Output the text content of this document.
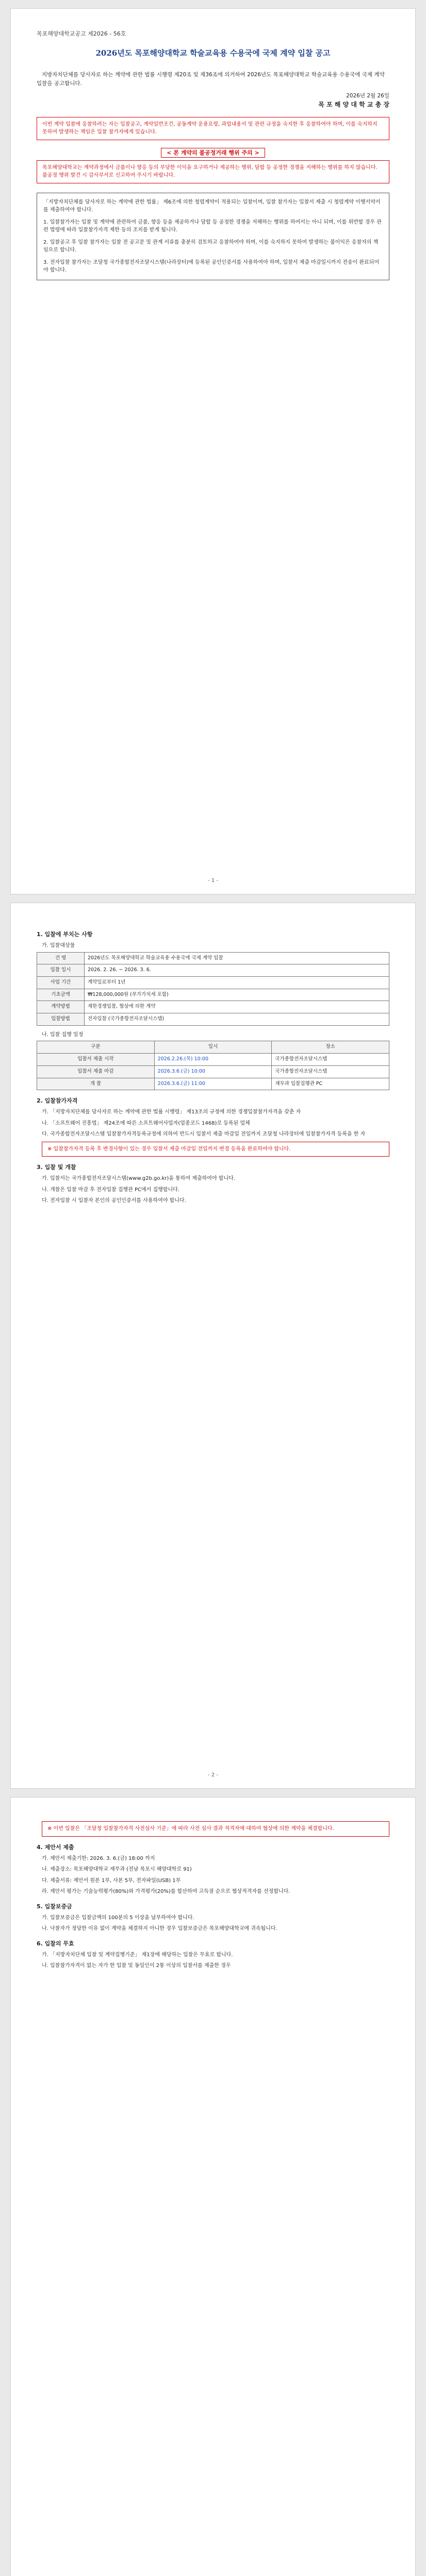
목포해양대학교공고 제2026 - 56호
2026년도 목포해양대학교 학술교육용 수용국에 국제 계약 입찰 공고
지방자치단체를 당사자로 하는 계약에 관한 법률 시행령 제20조 및 제36조에 의거하여 2026년도 목포해양대학교 학술교육용 수용국에 국제 계약 입찰을 공고합니다.
2026년 2월 26일
목 포 해 양 대 학 교 총 장
이번 계약 입찰에 응찰하려는 자는 입찰공고, 계약일반조건, 공동계약 운용요령, 과업내용서 및 관련 규정을 숙지한 후 응찰하여야 하며, 이를 숙지하지 못하여 발생하는 책임은 입찰 참가자에게 있습니다.
< 본 계약의 불공정거래 행위 주의 >
목포해양대학교는 계약과정에서 금품이나 향응 등의 부당한 이익을 요구하거나 제공하는 행위, 담합 등 공정한 경쟁을 저해하는 행위를 하지 않습니다. 불공정 행위 발견 시 감사부서로 신고하여 주시기 바랍니다.

「지방자치단체를 당사자로 하는 계약에 관한 법률」 제6조에 의한 청렴계약이 적용되는 입찰이며, 입찰 참가자는 입찰서 제출 시 청렴계약 이행서약서를 제출하여야 합니다.

1. 입찰참가자는 입찰 및 계약에 관련하여 금품, 향응 등을 제공하거나 담합 등 공정한 경쟁을 저해하는 행위를 하여서는 아니 되며, 이를 위반할 경우 관련 법령에 따라 입찰참가자격 제한 등의 조치를 받게 됩니다.

2. 입찰공고 후 입찰 참가자는 입찰 전 공고문 및 관계 서류를 충분히 검토하고 응찰하여야 하며, 이를 숙지하지 못하여 발생하는 불이익은 응찰자의 책임으로 합니다.

3. 전자입찰 참가자는 조달청 국가종합전자조달시스템(나라장터)에 등록된 공인인증서를 사용하여야 하며, 입찰서 제출 마감일시까지 전송이 완료되어야 합니다.

- 1 -
1. 입찰에 부치는 사항
가. 입찰대상물
건 명	2026년도 목포해양대학교 학술교육용 수용국에 국제 계약 입찰
입찰 일시	2026. 2. 26. ~ 2026. 3. 6.
사업 기간	계약일로부터 1년
기초금액	₩128,000,000원 (부가가치세 포함)
계약방법	제한경쟁입찰, 협상에 의한 계약
입찰방법	전자입찰 (국가종합전자조달시스템)
나. 입찰 집행 일정
구분	일시	장소
입찰서 제출 시작	2026.2.26.(목) 10:00	국가종합전자조달시스템
입찰서 제출 마감	2026.3.6.(금) 10:00	국가종합전자조달시스템
개 찰	2026.3.6.(금) 11:00	재무과 입찰집행관 PC
2. 입찰참가자격
가. 「지방자치단체를 당사자로 하는 계약에 관한 법률 시행령」 제13조의 규정에 의한 경쟁입찰참가자격을 갖춘 자
나. 「소프트웨어 진흥법」 제24조에 따른 소프트웨어사업자(업종코드 1468)로 등록된 업체
다. 국가종합전자조달시스템 입찰참가자격등록규정에 의하여 반드시 입찰서 제출 마감일 전일까지 조달청 나라장터에 입찰참가자격 등록을 한 자
※ 입찰참가자격 등록 후 변경사항이 있는 경우 입찰서 제출 마감일 전일까지 변경 등록을 완료하여야 합니다.
3. 입찰 및 개찰
가. 입찰서는 국가종합전자조달시스템(www.g2b.go.kr)을 통하여 제출하여야 합니다.
나. 개찰은 입찰 마감 후 전자입찰 집행관 PC에서 집행합니다.
다. 전자입찰 시 입찰자 본인의 공인인증서를 사용하여야 합니다.
- 2 -
※ 이번 입찰은 「조달청 입찰참가자격 사전심사 기준」에 따라 사전 심사 결과 적격자에 대하여 협상에 의한 계약을 체결합니다.
4. 제안서 제출
가. 제안서 제출기한: 2026. 3. 6.(금) 18:00 까지
나. 제출장소: 목포해양대학교 재무과 (전남 목포시 해양대학로 91)
다. 제출서류: 제안서 원본 1부, 사본 5부, 전자파일(USB) 1부
라. 제안서 평가는 기술능력평가(80%)와 가격평가(20%)를 합산하여 고득점 순으로 협상적격자를 선정합니다.
5. 입찰보증금
가. 입찰보증금은 입찰금액의 100분의 5 이상을 납부하여야 합니다.
나. 낙찰자가 정당한 이유 없이 계약을 체결하지 아니한 경우 입찰보증금은 목포해양대학교에 귀속됩니다.
6. 입찰의 무효
가. 「지방자치단체 입찰 및 계약집행기준」 제1장에 해당하는 입찰은 무효로 합니다.
나. 입찰참가자격이 없는 자가 한 입찰 및 동일인이 2통 이상의 입찰서를 제출한 경우
